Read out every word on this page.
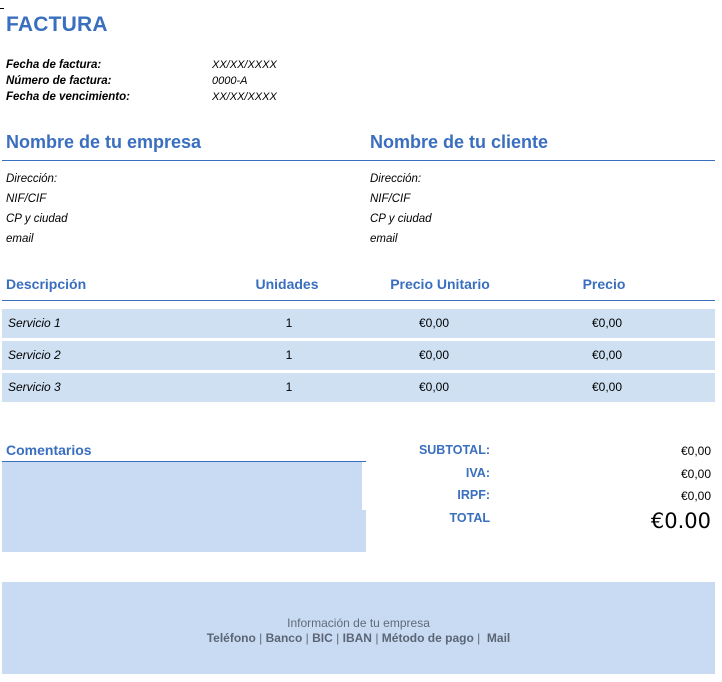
FACTURA
Fecha de factura:	XX/XX/XXXX
Número de factura:	0000-A
Fecha de vencimiento:	XX/XX/XXXX
Nombre de tu empresa	Nombre de tu cliente
Dirección:
NIF/CIF
CP y ciudad
email
Dirección:
NIF/CIF
CP y ciudad
email
Descripción	Unidades	Precio Unitario	Precio
Servicio 1	1	€0,00	€0,00
Servicio 2	1	€0,00	€0,00
Servicio 3	1	€0,00	€0,00
Comentarios	SUBTOTAL:	€0,00
IVA:	€0,00
IRPF:	€0,00
TOTAL	€0.00
Información de tu empresa
Teléfono | Banco | BIC | IBAN | Método de pago | Mail
